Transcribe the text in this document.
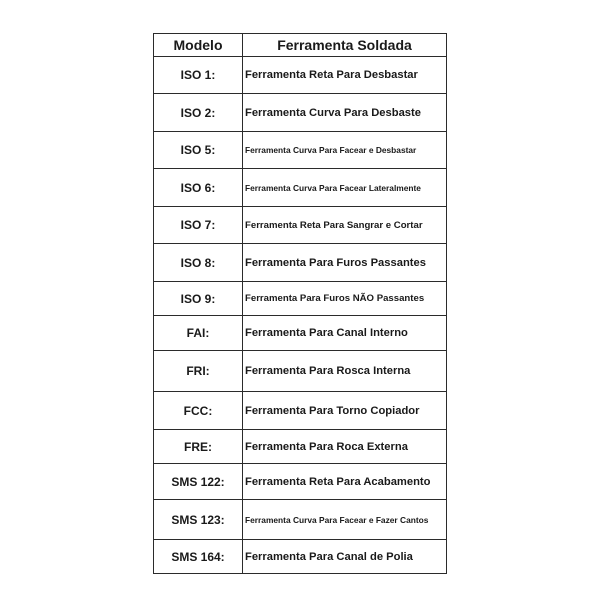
Modelo	Ferramenta Soldada
ISO 1:	Ferramenta Reta Para Desbastar
ISO 2:	Ferramenta Curva Para Desbaste
ISO 5:	Ferramenta Curva Para Facear e Desbastar
ISO 6:	Ferramenta Curva Para Facear Lateralmente
ISO 7:	Ferramenta Reta Para Sangrar e Cortar
ISO 8:	Ferramenta Para Furos Passantes
ISO 9:	Ferramenta Para Furos NÃO Passantes
FAI:	Ferramenta Para Canal Interno
FRI:	Ferramenta Para Rosca Interna
FCC:	Ferramenta Para Torno Copiador
FRE:	Ferramenta Para Roca Externa
SMS 122:	Ferramenta Reta Para Acabamento
SMS 123:	Ferramenta Curva Para Facear e Fazer Cantos
SMS 164:	Ferramenta Para Canal de Polia
